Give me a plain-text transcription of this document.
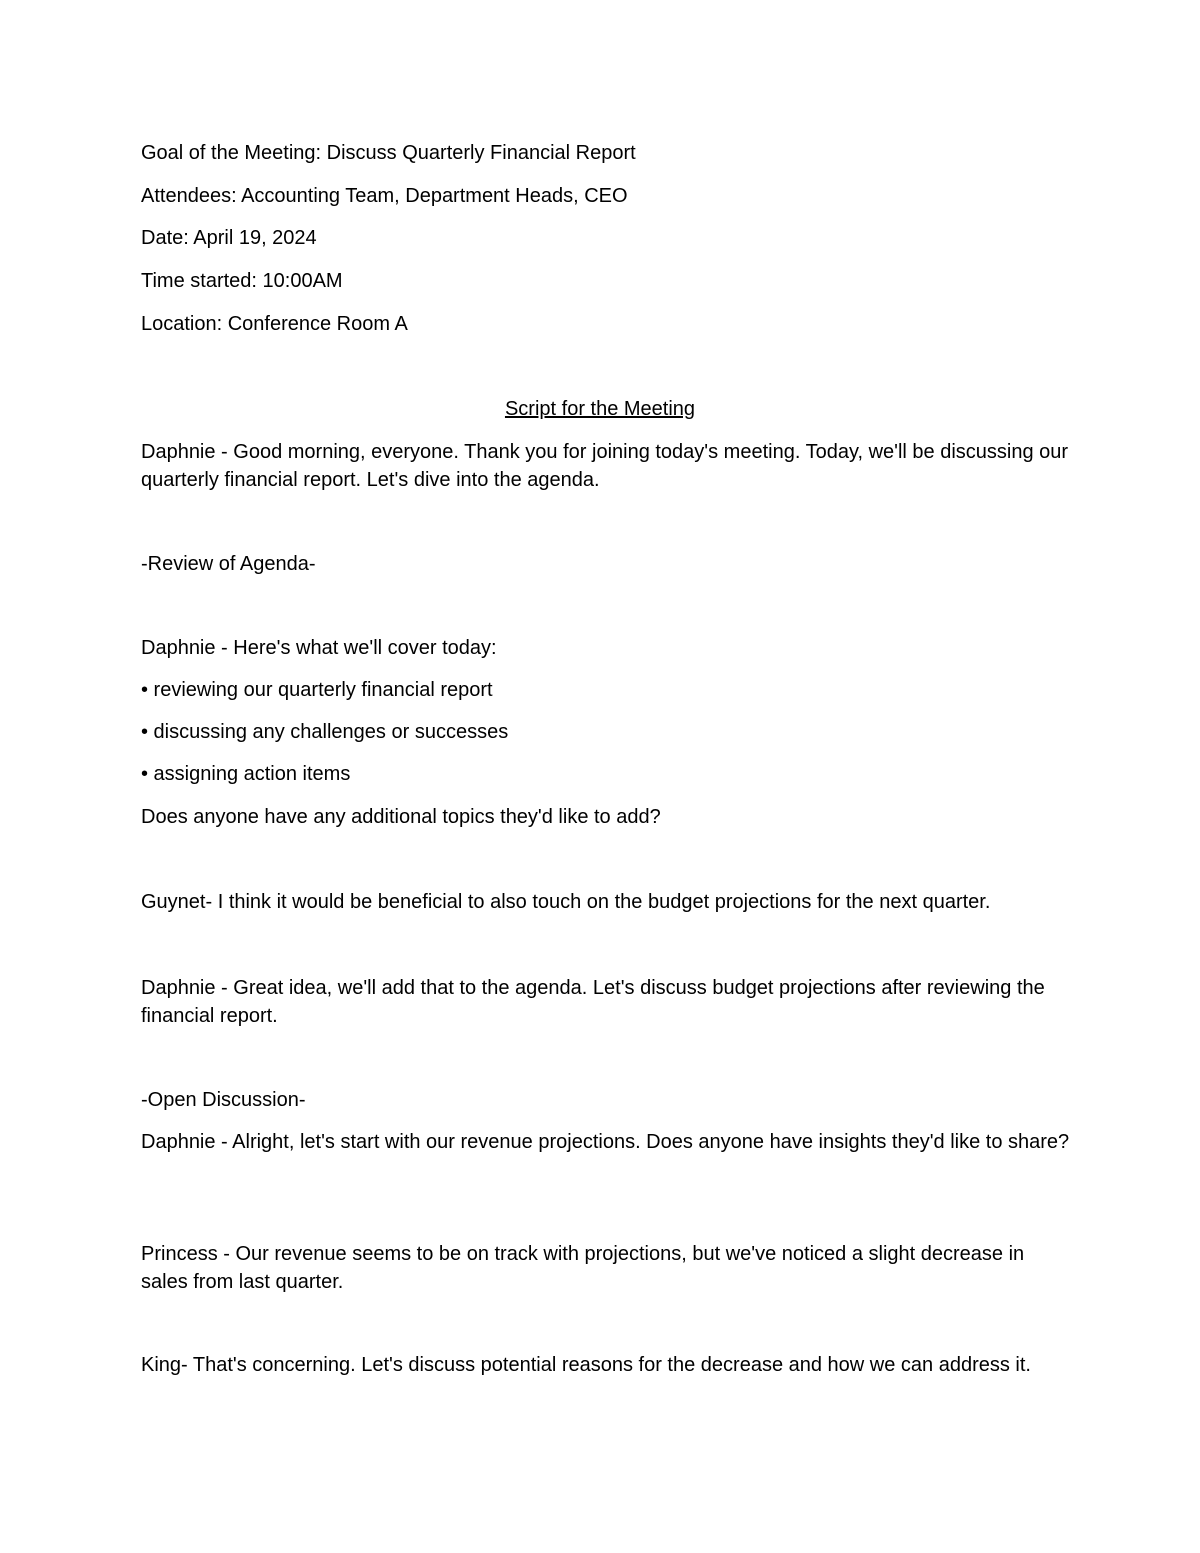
Goal of the Meeting: Discuss Quarterly Financial Report
Attendees: Accounting Team, Department Heads, CEO
Date: April 19, 2024
Time started: 10:00AM
Location: Conference Room A
Script for the Meeting
Daphnie - Good morning, everyone. Thank you for joining today's meeting. Today, we'll be discussing our quarterly financial report. Let's dive into the agenda.
-Review of Agenda-
Daphnie - Here's what we'll cover today:
• reviewing our quarterly financial report
• discussing any challenges or successes
• assigning action items
Does anyone have any additional topics they'd like to add?
Guynet- I think it would be beneficial to also touch on the budget projections for the next quarter.
Daphnie - Great idea, we'll add that to the agenda. Let's discuss budget projections after reviewing the financial report.
-Open Discussion-
Daphnie - Alright, let's start with our revenue projections. Does anyone have insights they'd like to share?
Princess - Our revenue seems to be on track with projections, but we've noticed a slight decrease in sales from last quarter.
King- That's concerning. Let's discuss potential reasons for the decrease and how we can address it.
